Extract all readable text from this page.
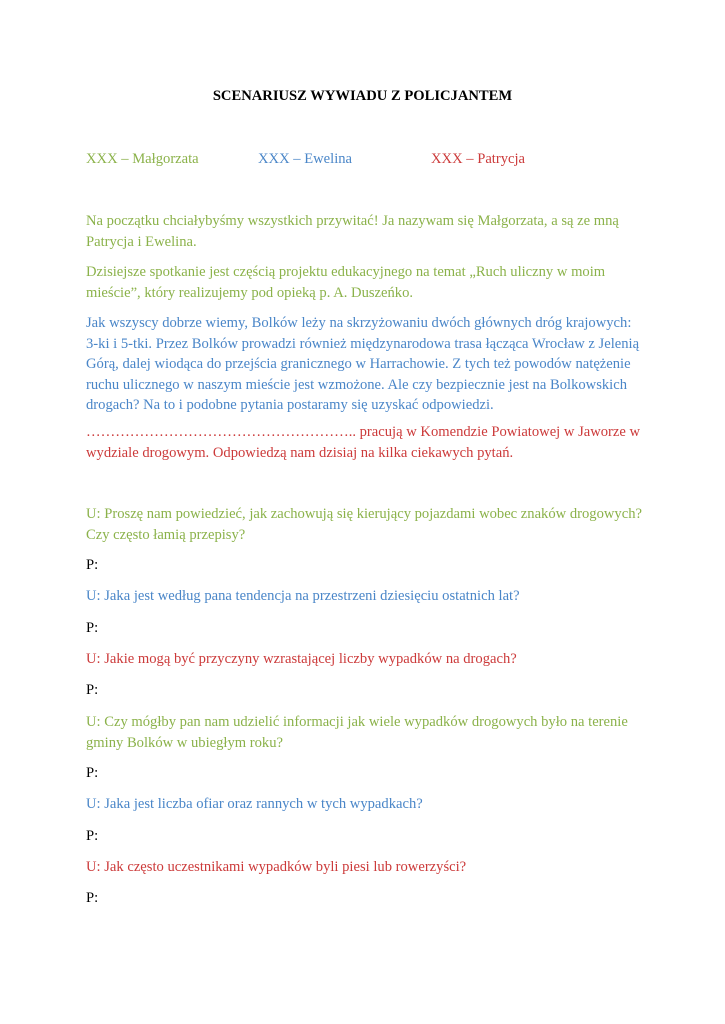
SCENARIUSZ WYWIADU Z POLICJANTEM
XXX – Małgorzata	XXX – Ewelina	XXX – Patrycja

Na początku chciałybyśmy wszystkich przywitać! Ja nazywam się Małgorzata, a są ze mną Patrycja i Ewelina.

Dzisiejsze spotkanie jest częścią projektu edukacyjnego na temat „Ruch uliczny w moim mieście”, który realizujemy pod opieką p. A. Duszeńko.

Jak wszyscy dobrze wiemy, Bolków leży na skrzyżowaniu dwóch głównych dróg krajowych: 3-ki i 5-tki. Przez Bolków prowadzi również międzynarodowa trasa łącząca Wrocław z Jelenią Górą, dalej wiodąca do przejścia granicznego w Harrachowie. Z tych też powodów natężenie ruchu ulicznego w naszym mieście jest wzmożone. Ale czy bezpiecznie jest na Bolkowskich drogach? Na to i podobne pytania postaramy się uzyskać odpowiedzi.

……………………………………………….. pracują w Komendzie Powiatowej w Jaworze w wydziale drogowym. Odpowiedzą nam dzisiaj na kilka ciekawych pytań.

U: Proszę nam powiedzieć, jak zachowują się kierujący pojazdami wobec znaków drogowych? Czy często łamią przepisy?

P:

U: Jaka jest według pana tendencja na przestrzeni dziesięciu ostatnich lat?

P:

U: Jakie mogą być przyczyny wzrastającej liczby wypadków na drogach?

P:

U: Czy mógłby pan nam udzielić informacji jak wiele wypadków drogowych było na terenie gminy Bolków w ubiegłym roku?

P:

U: Jaka jest liczba ofiar oraz rannych w tych wypadkach?

P:

U: Jak często uczestnikami wypadków byli piesi lub rowerzyści?

P:
